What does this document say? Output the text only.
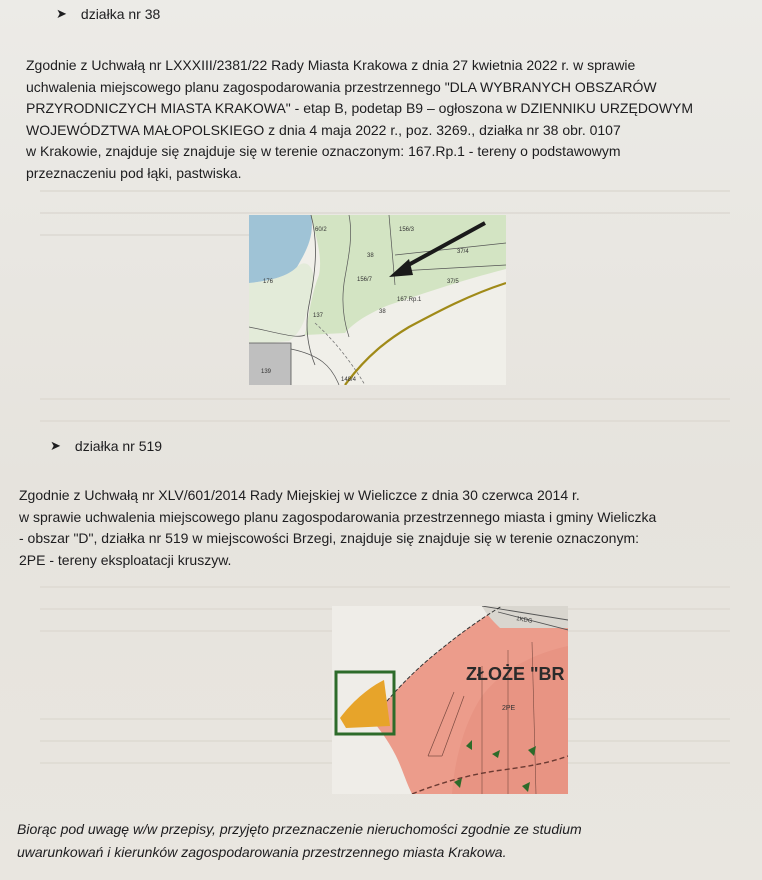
➤ działka nr 38
Zgodnie z Uchwałą nr LXXXIII/2381/22 Rady Miasta Krakowa z dnia 27 kwietnia 2022 r. w sprawie
uchwalenia miejscowego planu zagospodarowania przestrzennego "DLA WYBRANYCH OBSZARÓW
PRZYRODNICZYCH MIASTA KRAKOWA" - etap B, podetap B9 – ogłoszona w DZIENNIKU URZĘDOWYM
WOJEWÓDZTWA MAŁOPOLSKIEGO z dnia 4 maja 2022 r., poz. 3269., działka nr 38 obr. 0107
w Krakowie, znajduje się znajduje się w terenie oznaczonym: 167.Rp.1 - tereny o podstawowym
przeznaczeniu pod łąki, pastwiska.
60/2	156/3
38
37/4
176	156/7	37/5
167.Rp.1
38
137
139
148/4
➤ działka nr 519
Zgodnie z Uchwałą nr XLV/601/2014 Rady Miejskiej w Wieliczce z dnia 30 czerwca 2014 r.
w sprawie uchwalenia miejscowego planu zagospodarowania przestrzennego miasta i gminy Wieliczka
- obszar "D", działka nr 519 w miejscowości Brzegi, znajduje się znajduje się w terenie oznaczonym:
2PE - tereny eksploatacji kruszyw.
1KDG
ZŁOŻE "BR
2PE
Biorąc pod uwagę w/w przepisy, przyjęto przeznaczenie nieruchomości zgodnie ze studium
uwarunkowań i kierunków zagospodarowania przestrzennego miasta Krakowa.
